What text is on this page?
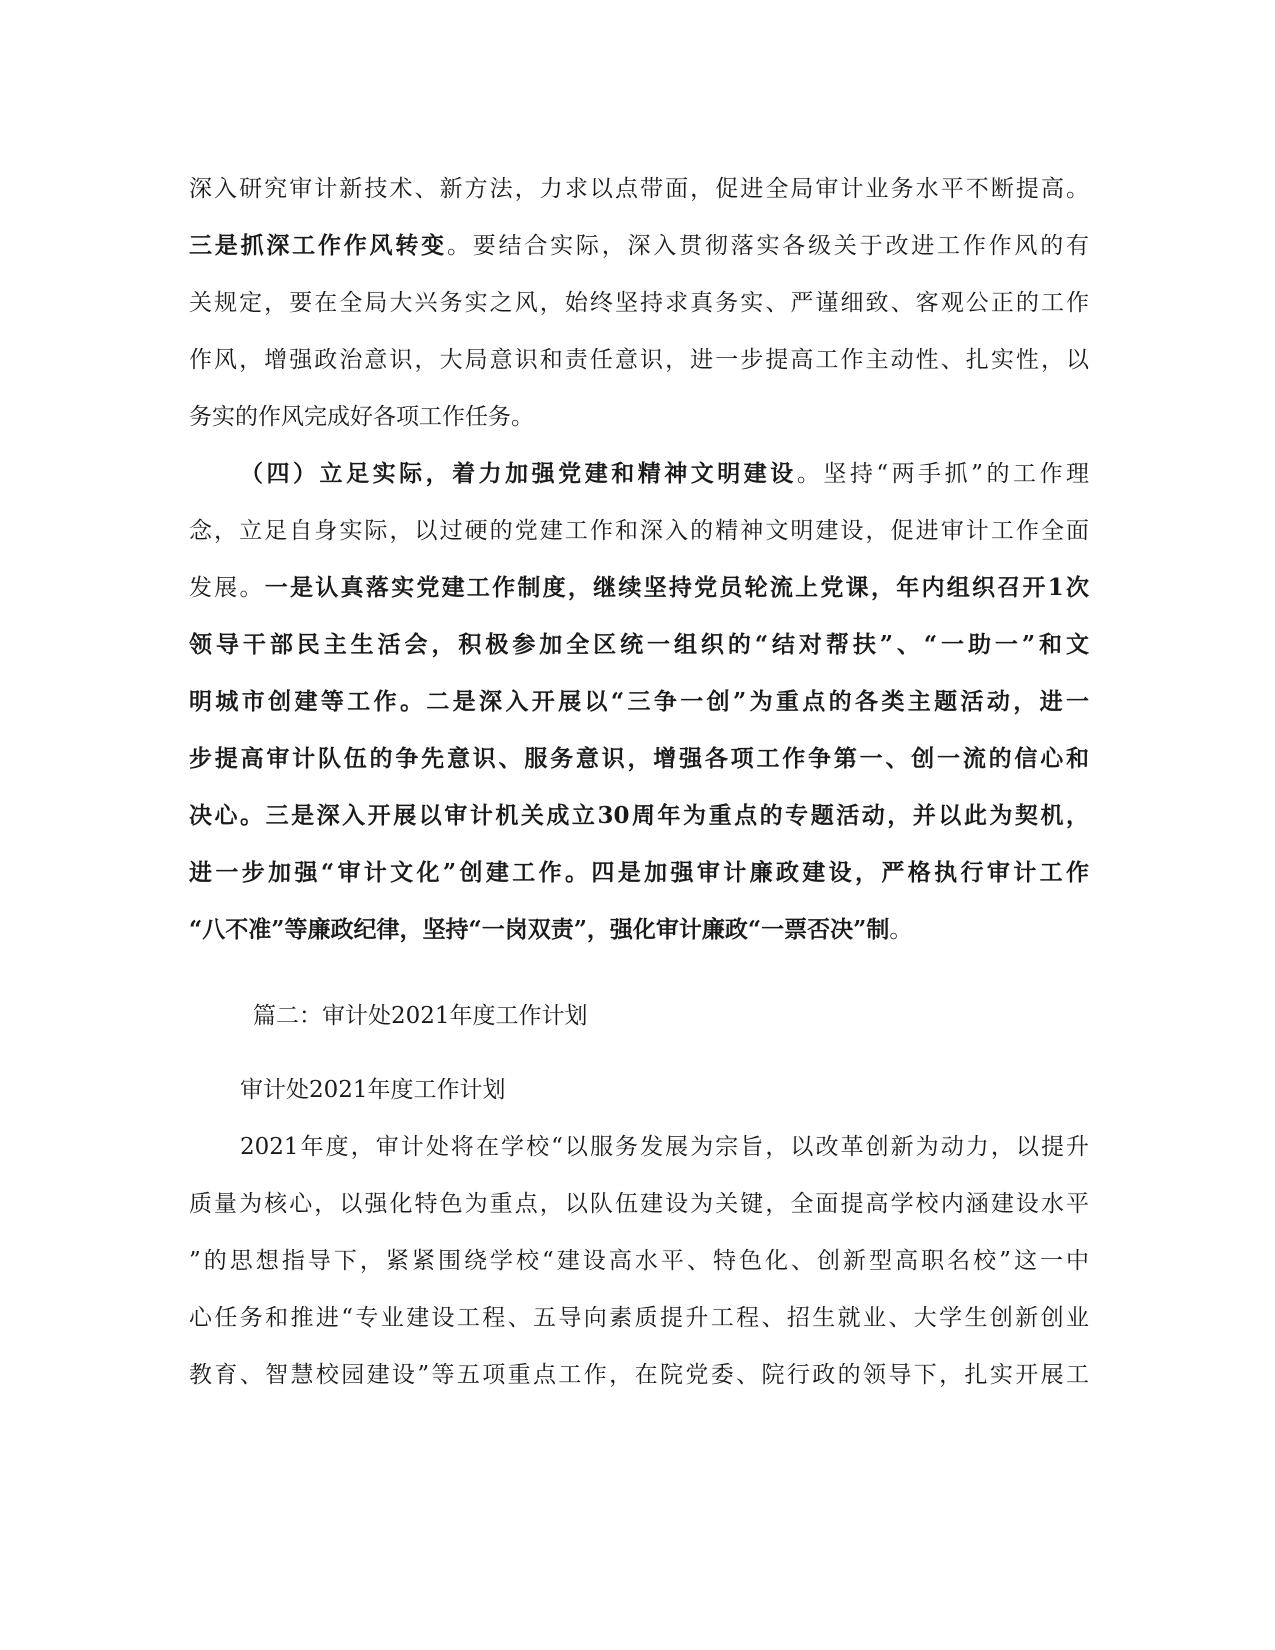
深入研究审计新技术、新方法，力求以点带面，促进全局审计业务水平不断提高。
三是抓深工作作风转变。要结合实际，深入贯彻落实各级关于改进工作作风的有
关规定，要在全局大兴务实之风，始终坚持求真务实、严谨细致、客观公正的工作
作风，增强政治意识，大局意识和责任意识，进一步提高工作主动性、扎实性，以
务实的作风完成好各项工作任务。
（四）立足实际，着力加强党建和精神文明建设。坚持“两手抓”的工作理
念，立足自身实际，以过硬的党建工作和深入的精神文明建设，促进审计工作全面
发展。一是认真落实党建工作制度，继续坚持党员轮流上党课，年内组织召开1次
领导干部民主生活会，积极参加全区统一组织的“结对帮扶”、“一助一”和文
明城市创建等工作。二是深入开展以“三争一创”为重点的各类主题活动，进一
步提高审计队伍的争先意识、服务意识，增强各项工作争第一、创一流的信心和
决心。三是深入开展以审计机关成立30周年为重点的专题活动，并以此为契机，
进一步加强“审计文化”创建工作。四是加强审计廉政建设，严格执行审计工作
“八不准”等廉政纪律，坚持“一岗双责”，强化审计廉政“一票否决”制。
篇二：审计处2021年度工作计划
审计处2021年度工作计划
2021年度，审计处将在学校“以服务发展为宗旨，以改革创新为动力，以提升
质量为核心，以强化特色为重点，以队伍建设为关键，全面提高学校内涵建设水平
”的思想指导下，紧紧围绕学校“建设高水平、特色化、创新型高职名校”这一中
心任务和推进“专业建设工程、五导向素质提升工程、招生就业、大学生创新创业
教育、智慧校园建设”等五项重点工作，在院党委、院行政的领导下，扎实开展工
